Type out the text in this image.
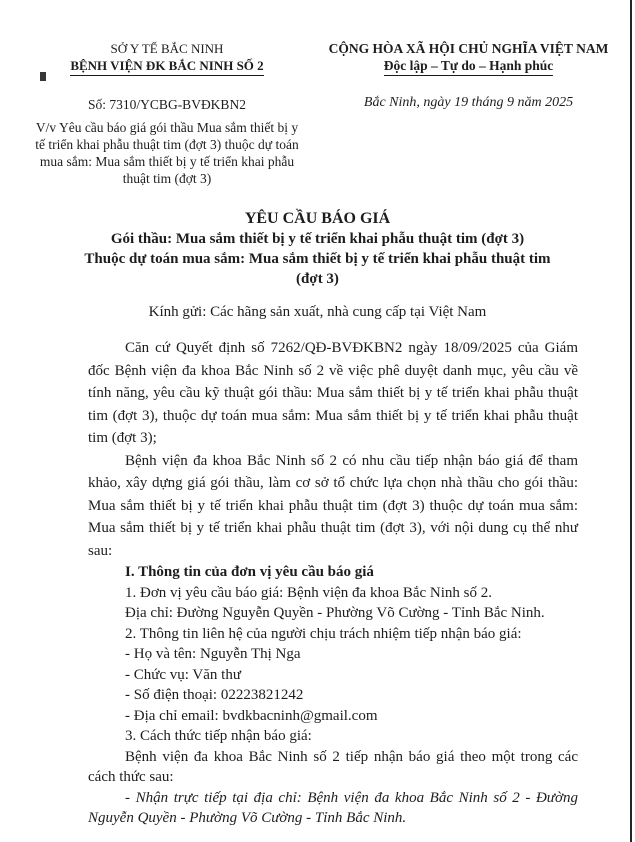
SỞ Y TẾ BẮC NINH
BỆNH VIỆN ĐK BẮC NINH SỐ 2
Số: 7310/YCBG-BVĐKBN2
V/v Yêu cầu báo giá gói thầu Mua sắm thiết bị y tế triển khai phẫu thuật tim (đợt 3) thuộc dự toán mua sắm: Mua sắm thiết bị y tế triển khai phẫu thuật tim (đợt 3)
CỘNG HÒA XÃ HỘI CHỦ NGHĨA VIỆT NAM
Độc lập – Tự do – Hạnh phúc
Bắc Ninh, ngày 19 tháng 9 năm 2025
YÊU CẦU BÁO GIÁ
Gói thầu: Mua sắm thiết bị y tế triển khai phẫu thuật tim (đợt 3)
Thuộc dự toán mua sắm: Mua sắm thiết bị y tế triển khai phẫu thuật tim
(đợt 3)
Kính gửi: Các hãng sản xuất, nhà cung cấp tại Việt Nam

Căn cứ Quyết định số 7262/QĐ-BVĐKBN2 ngày 18/09/2025 của Giám đốc Bệnh viện đa khoa Bắc Ninh số 2 về việc phê duyệt danh mục, yêu cầu về tính năng, yêu cầu kỹ thuật gói thầu: Mua sắm thiết bị y tế triển khai phẫu thuật tim (đợt 3), thuộc dự toán mua sắm: Mua sắm thiết bị y tế triển khai phẫu thuật tim (đợt 3);

Bệnh viện đa khoa Bắc Ninh số 2 có nhu cầu tiếp nhận báo giá để tham khảo, xây dựng giá gói thầu, làm cơ sở tổ chức lựa chọn nhà thầu cho gói thầu: Mua sắm thiết bị y tế triển khai phẫu thuật tim (đợt 3) thuộc dự toán mua sắm: Mua sắm thiết bị y tế triển khai phẫu thuật tim (đợt 3), với nội dung cụ thể như sau:

I. Thông tin của đơn vị yêu cầu báo giá

1. Đơn vị yêu cầu báo giá: Bệnh viện đa khoa Bắc Ninh số 2.

Địa chỉ: Đường Nguyễn Quyền - Phường Võ Cường - Tỉnh Bắc Ninh.

2. Thông tin liên hệ của người chịu trách nhiệm tiếp nhận báo giá:

- Họ và tên: Nguyễn Thị Nga

- Chức vụ: Văn thư

- Số điện thoại: 02223821242

- Địa chỉ email: bvdkbacninh@gmail.com

3. Cách thức tiếp nhận báo giá:

Bệnh viện đa khoa Bắc Ninh số 2 tiếp nhận báo giá theo một trong các cách thức sau:

- Nhận trực tiếp tại địa chỉ: Bệnh viện đa khoa Bắc Ninh số 2 - Đường Nguyễn Quyền - Phường Võ Cường - Tỉnh Bắc Ninh.
